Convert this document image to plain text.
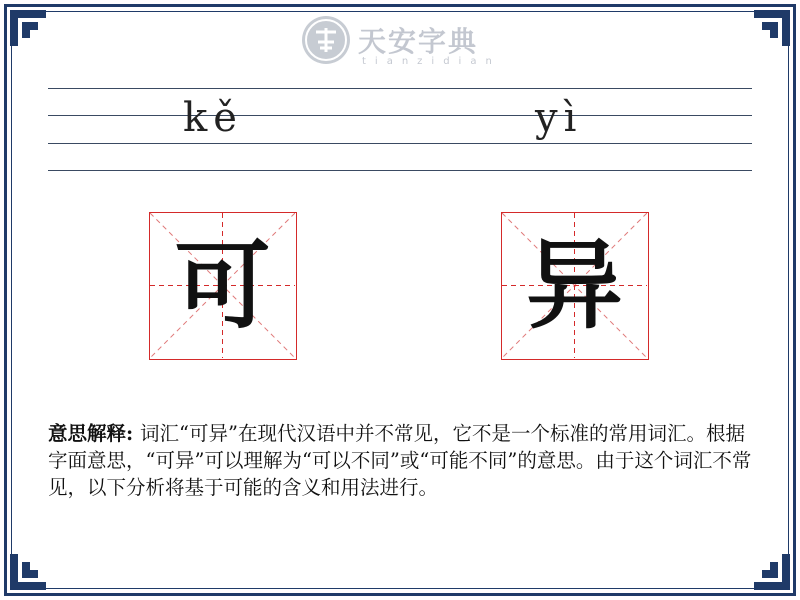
天安字典
tianzidian
kě	yì
可	异
意思解释: 词汇“可异”在现代汉语中并不常见，它不是一个标准的常用词汇。根据字面意思，“可异”可以理解为“可以不同”或“可能不同”的意思。由于这个词汇不常见，以下分析将基于可能的含义和用法进行。
